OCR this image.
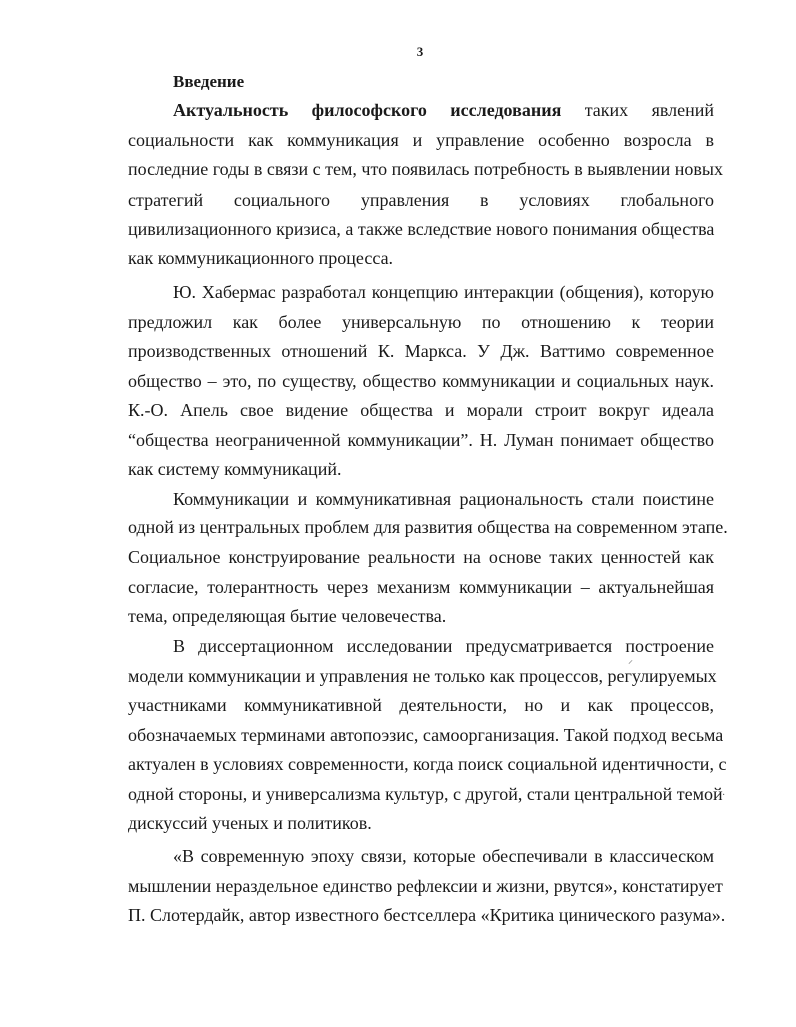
3
Введение
Актуальность философского исследования таких явлений
социальности как коммуникация и управление особенно возросла в
последние годы в связи с тем, что появилась потребность в выявлении новых
стратегий социального управления в условиях глобального
цивилизационного кризиса, а также вследствие нового понимания общества
как коммуникационного процесса.
Ю. Хабермас разработал концепцию интеракции (общения), которую
предложил как более универсальную по отношению к теории
производственных отношений К. Маркса. У Дж. Ваттимо современное
общество – это, по существу, общество коммуникации и социальных наук.
К.-О. Апель свое видение общества и морали строит вокруг идеала
“общества неограниченной коммуникации”. Н. Луман понимает общество
как систему коммуникаций.
Коммуникации и коммуникативная рациональность стали поистине
одной из центральных проблем для развития общества на современном этапе.
Социальное конструирование реальности на основе таких ценностей как
согласие, толерантность через механизм коммуникации – актуальнейшая
тема, определяющая бытие человечества.
В диссертационном исследовании предусматривается построение
модели коммуникации и управления не только как процессов, регулируемых
участниками коммуникативной деятельности, но и как процессов,
обозначаемых терминами автопоэзис, самоорганизация. Такой подход весьма
актуален в условиях современности, когда поиск социальной идентичности, с
одной стороны, и универсализма культур, с другой, стали центральной темой
дискуссий ученых и политиков.
«В современную эпоху связи, которые обеспечивали в классическом
мышлении нераздельное единство рефлексии и жизни, рвутся», констатирует
П. Слотердайк, автор известного бестселлера «Критика цинического разума».
⸝
·
